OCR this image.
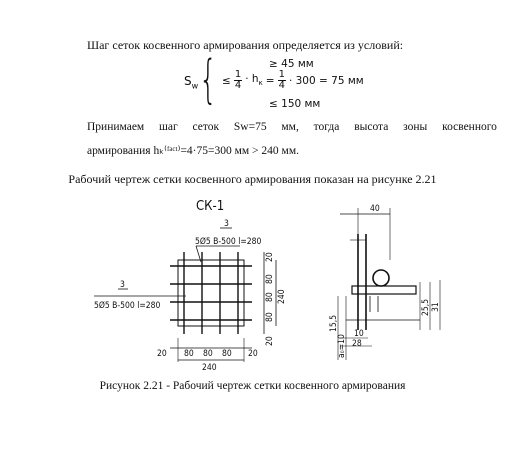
Шаг сеток косвенного армирования определяется из условий:
$S_w$ {	≥ 45 мм
≤ $\frac{1}{4} \cdot h_к = \frac{1}{4} \cdot 300 = 75$ мм
≤ 150 мм
Принимаем шаг сеток Sw=75 мм, тогда высота зоны косвенного
армирования hₖ⁽ᶠᵃᶜᵗ⁾=4·75=300 мм > 240 мм.
Рабочий чертеж сетки косвенного армирования показан на рисунке 2.21
СК-1
3
5Ø5 В-500 l=280
3
5Ø5 В-500 l=280
20 80 80 80 20
240
20
80
80
80
20
240
40
25,5 31
15,5
a₀=10
10
28
Рисунок 2.21 - Рабочий чертеж сетки косвенного армирования
